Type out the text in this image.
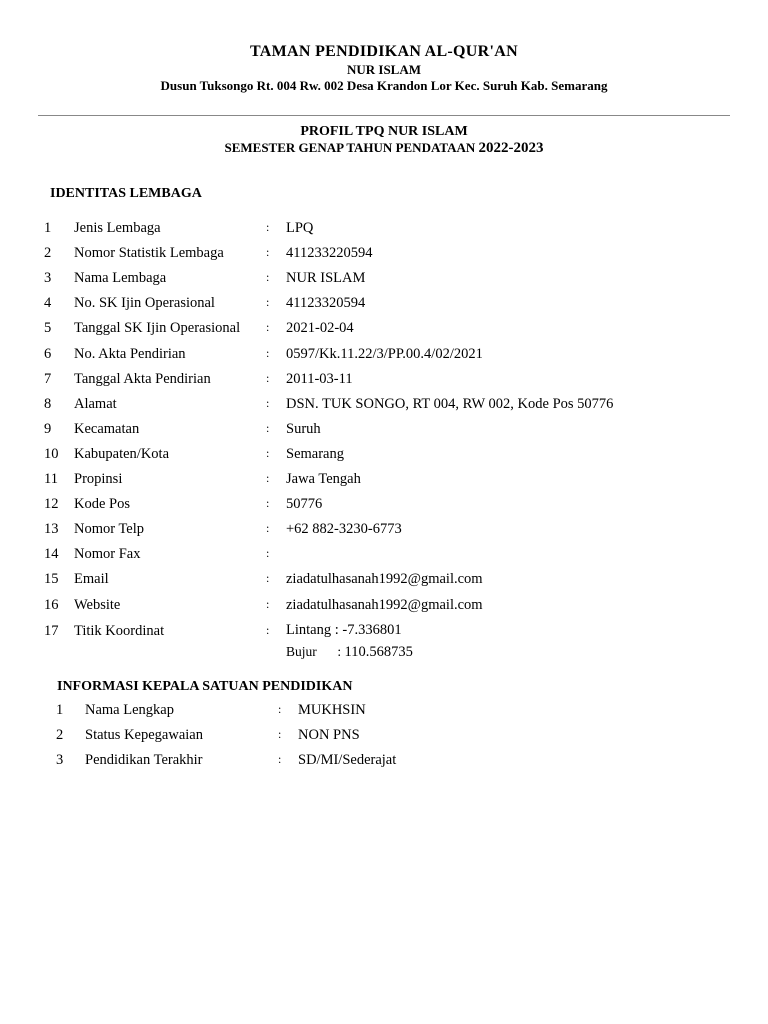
TAMAN PENDIDIKAN AL-QUR'AN
NUR ISLAM
Dusun Tuksongo Rt. 004 Rw. 002 Desa Krandon Lor Kec. Suruh Kab. Semarang
PROFIL TPQ NUR ISLAM
SEMESTER GENAP TAHUN PENDATAAN 2022-2023
IDENTITAS LEMBAGA
1 Jenis Lembaga	: LPQ
2 Nomor Statistik Lembaga	: 411233220594
3 Nama Lembaga	: NUR ISLAM
4 No. SK Ijin Operasional	: 41123320594
5 Tanggal SK Ijin Operasional : 2021-02-04
6 No. Akta Pendirian	: 0597/Kk.11.22/3/PP.00.4/02/2021
7 Tanggal Akta Pendirian	: 2011-03-11
8 Alamat	: DSN. TUK SONGO, RT 004, RW 002, Kode Pos 50776
9 Kecamatan	: Suruh
10 Kabupaten/Kota	: Semarang
11 Propinsi	: Jawa Tengah
12 Kode Pos	: 50776
13 Nomor Telp	: +62 882-3230-6773
14 Nomor Fax	:
15 Email	: ziadatulhasanah1992@gmail.com
16 Website	: ziadatulhasanah1992@gmail.com
17 Titik Koordinat	: Lintang : -7.336801
Bujur : 110.568735
INFORMASI KEPALA SATUAN PENDIDIKAN
1 Nama Lengkap	: MUKHSIN
2 Status Kepegawaian	: NON PNS
3 Pendidikan Terakhir	: SD/MI/Sederajat
